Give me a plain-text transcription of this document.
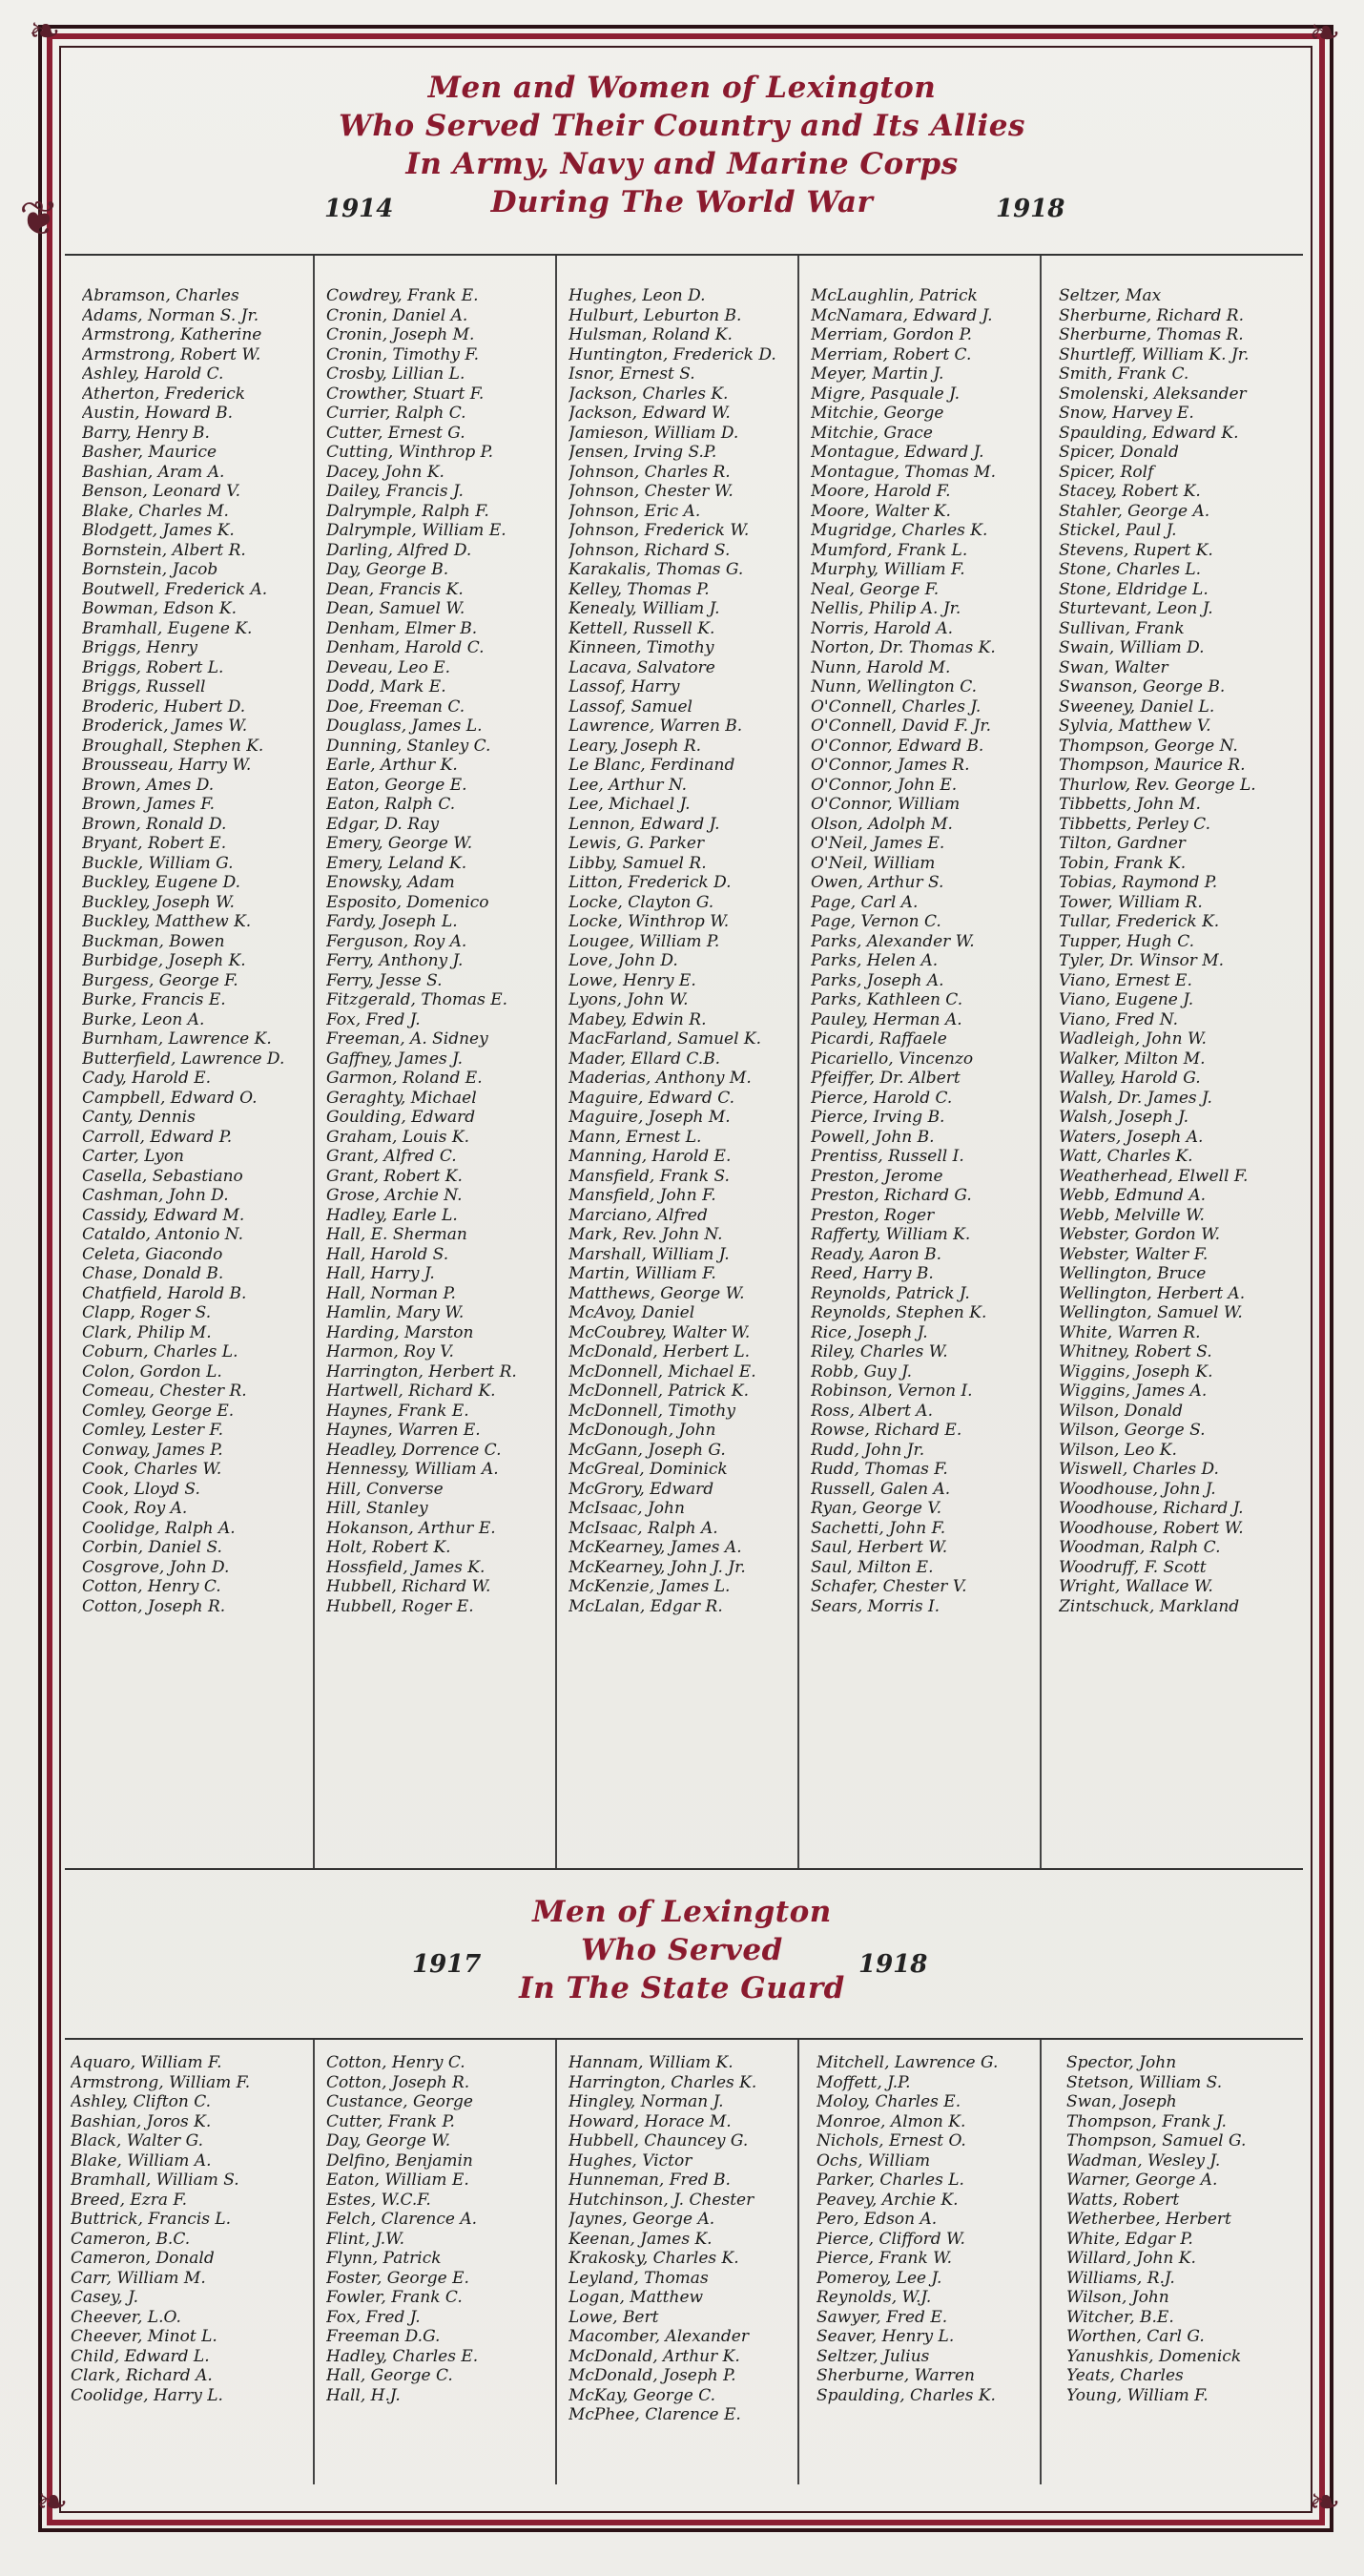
❧
❦
❧
❧	❧
Men and Women of Lexington
Who Served Their Country and Its Allies
In Army, Navy and Marine Corps
During The World War
1914	1918
Abramson, Charles
Adams, Norman S. Jr.
Armstrong, Katherine
Armstrong, Robert W.
Ashley, Harold C.
Atherton, Frederick
Austin, Howard B.
Barry, Henry B.
Basher, Maurice
Bashian, Aram A.
Benson, Leonard V.
Blake, Charles M.
Blodgett, James K.
Bornstein, Albert R.
Bornstein, Jacob
Boutwell, Frederick A.
Bowman, Edson K.
Bramhall, Eugene K.
Briggs, Henry
Briggs, Robert L.
Briggs, Russell
Broderic, Hubert D.
Broderick, James W.
Broughall, Stephen K.
Brousseau, Harry W.
Brown, Ames D.
Brown, James F.
Brown, Ronald D.
Bryant, Robert E.
Buckle, William G.
Buckley, Eugene D.
Buckley, Joseph W.
Buckley, Matthew K.
Buckman, Bowen
Burbidge, Joseph K.
Burgess, George F.
Burke, Francis E.
Burke, Leon A.
Burnham, Lawrence K.
Butterfield, Lawrence D.
Cady, Harold E.
Campbell, Edward O.
Canty, Dennis
Carroll, Edward P.
Carter, Lyon
Casella, Sebastiano
Cashman, John D.
Cassidy, Edward M.
Cataldo, Antonio N.
Celeta, Giacondo
Chase, Donald B.
Chatfield, Harold B.
Clapp, Roger S.
Clark, Philip M.
Coburn, Charles L.
Colon, Gordon L.
Comeau, Chester R.
Comley, George E.
Comley, Lester F.
Conway, James P.
Cook, Charles W.
Cook, Lloyd S.
Cook, Roy A.
Coolidge, Ralph A.
Corbin, Daniel S.
Cosgrove, John D.
Cotton, Henry C.
Cotton, Joseph R.
Cowdrey, Frank E.
Cronin, Daniel A.
Cronin, Joseph M.
Cronin, Timothy F.
Crosby, Lillian L.
Crowther, Stuart F.
Currier, Ralph C.
Cutter, Ernest G.
Cutting, Winthrop P.
Dacey, John K.
Dailey, Francis J.
Dalrymple, Ralph F.
Dalrymple, William E.
Darling, Alfred D.
Day, George B.
Dean, Francis K.
Dean, Samuel W.
Denham, Elmer B.
Denham, Harold C.
Deveau, Leo E.
Dodd, Mark E.
Doe, Freeman C.
Douglass, James L.
Dunning, Stanley C.
Earle, Arthur K.
Eaton, George E.
Eaton, Ralph C.
Edgar, D. Ray
Emery, George W.
Emery, Leland K.
Enowsky, Adam
Esposito, Domenico
Fardy, Joseph L.
Ferguson, Roy A.
Ferry, Anthony J.
Ferry, Jesse S.
Fitzgerald, Thomas E.
Fox, Fred J.
Freeman, A. Sidney
Gaffney, James J.
Garmon, Roland E.
Geraghty, Michael
Goulding, Edward
Graham, Louis K.
Grant, Alfred C.
Grant, Robert K.
Grose, Archie N.
Hadley, Earle L.
Hall, E. Sherman
Hall, Harold S.
Hall, Harry J.
Hall, Norman P.
Hamlin, Mary W.
Harding, Marston
Harmon, Roy V.
Harrington, Herbert R.
Hartwell, Richard K.
Haynes, Frank E.
Haynes, Warren E.
Headley, Dorrence C.
Hennessy, William A.
Hill, Converse
Hill, Stanley
Hokanson, Arthur E.
Holt, Robert K.
Hossfield, James K.
Hubbell, Richard W.
Hubbell, Roger E.
Hughes, Leon D.
Hulburt, Leburton B.
Hulsman, Roland K.
Huntington, Frederick D.
Isnor, Ernest S.
Jackson, Charles K.
Jackson, Edward W.
Jamieson, William D.
Jensen, Irving S.P.
Johnson, Charles R.
Johnson, Chester W.
Johnson, Eric A.
Johnson, Frederick W.
Johnson, Richard S.
Karakalis, Thomas G.
Kelley, Thomas P.
Kenealy, William J.
Kettell, Russell K.
Kinneen, Timothy
Lacava, Salvatore
Lassof, Harry
Lassof, Samuel
Lawrence, Warren B.
Leary, Joseph R.
Le Blanc, Ferdinand
Lee, Arthur N.
Lee, Michael J.
Lennon, Edward J.
Lewis, G. Parker
Libby, Samuel R.
Litton, Frederick D.
Locke, Clayton G.
Locke, Winthrop W.
Lougee, William P.
Love, John D.
Lowe, Henry E.
Lyons, John W.
Mabey, Edwin R.
MacFarland, Samuel K.
Mader, Ellard C.B.
Maderias, Anthony M.
Maguire, Edward C.
Maguire, Joseph M.
Mann, Ernest L.
Manning, Harold E.
Mansfield, Frank S.
Mansfield, John F.
Marciano, Alfred
Mark, Rev. John N.
Marshall, William J.
Martin, William F.
Matthews, George W.
McAvoy, Daniel
McCoubrey, Walter W.
McDonald, Herbert L.
McDonnell, Michael E.
McDonnell, Patrick K.
McDonnell, Timothy
McDonough, John
McGann, Joseph G.
McGreal, Dominick
McGrory, Edward
McIsaac, John
McIsaac, Ralph A.
McKearney, James A.
McKearney, John J. Jr.
McKenzie, James L.
McLalan, Edgar R.
McLaughlin, Patrick
McNamara, Edward J.
Merriam, Gordon P.
Merriam, Robert C.
Meyer, Martin J.
Migre, Pasquale J.
Mitchie, George
Mitchie, Grace
Montague, Edward J.
Montague, Thomas M.
Moore, Harold F.
Moore, Walter K.
Mugridge, Charles K.
Mumford, Frank L.
Murphy, William F.
Neal, George F.
Nellis, Philip A. Jr.
Norris, Harold A.
Norton, Dr. Thomas K.
Nunn, Harold M.
Nunn, Wellington C.
O'Connell, Charles J.
O'Connell, David F. Jr.
O'Connor, Edward B.
O'Connor, James R.
O'Connor, John E.
O'Connor, William
Olson, Adolph M.
O'Neil, James E.
O'Neil, William
Owen, Arthur S.
Page, Carl A.
Page, Vernon C.
Parks, Alexander W.
Parks, Helen A.
Parks, Joseph A.
Parks, Kathleen C.
Pauley, Herman A.
Picardi, Raffaele
Picariello, Vincenzo
Pfeiffer, Dr. Albert
Pierce, Harold C.
Pierce, Irving B.
Powell, John B.
Prentiss, Russell I.
Preston, Jerome
Preston, Richard G.
Preston, Roger
Rafferty, William K.
Ready, Aaron B.
Reed, Harry B.
Reynolds, Patrick J.
Reynolds, Stephen K.
Rice, Joseph J.
Riley, Charles W.
Robb, Guy J.
Robinson, Vernon I.
Ross, Albert A.
Rowse, Richard E.
Rudd, John Jr.
Rudd, Thomas F.
Russell, Galen A.
Ryan, George V.
Sachetti, John F.
Saul, Herbert W.
Saul, Milton E.
Schafer, Chester V.
Sears, Morris I.
Seltzer, Max
Sherburne, Richard R.
Sherburne, Thomas R.
Shurtleff, William K. Jr.
Smith, Frank C.
Smolenski, Aleksander
Snow, Harvey E.
Spaulding, Edward K.
Spicer, Donald
Spicer, Rolf
Stacey, Robert K.
Stahler, George A.
Stickel, Paul J.
Stevens, Rupert K.
Stone, Charles L.
Stone, Eldridge L.
Sturtevant, Leon J.
Sullivan, Frank
Swain, William D.
Swan, Walter
Swanson, George B.
Sweeney, Daniel L.
Sylvia, Matthew V.
Thompson, George N.
Thompson, Maurice R.
Thurlow, Rev. George L.
Tibbetts, John M.
Tibbetts, Perley C.
Tilton, Gardner
Tobin, Frank K.
Tobias, Raymond P.
Tower, William R.
Tullar, Frederick K.
Tupper, Hugh C.
Tyler, Dr. Winsor M.
Viano, Ernest E.
Viano, Eugene J.
Viano, Fred N.
Wadleigh, John W.
Walker, Milton M.
Walley, Harold G.
Walsh, Dr. James J.
Walsh, Joseph J.
Waters, Joseph A.
Watt, Charles K.
Weatherhead, Elwell F.
Webb, Edmund A.
Webb, Melville W.
Webster, Gordon W.
Webster, Walter F.
Wellington, Bruce
Wellington, Herbert A.
Wellington, Samuel W.
White, Warren R.
Whitney, Robert S.
Wiggins, Joseph K.
Wiggins, James A.
Wilson, Donald
Wilson, George S.
Wilson, Leo K.
Wiswell, Charles D.
Woodhouse, John J.
Woodhouse, Richard J.
Woodhouse, Robert W.
Woodman, Ralph C.
Woodruff, F. Scott
Wright, Wallace W.
Zintschuck, Markland
Men of Lexington
Who Served
In The State Guard
1917	1918
Aquaro, William F.
Armstrong, William F.
Ashley, Clifton C.
Bashian, Joros K.
Black, Walter G.
Blake, William A.
Bramhall, William S.
Breed, Ezra F.
Buttrick, Francis L.
Cameron, B.C.
Cameron, Donald
Carr, William M.
Casey, J.
Cheever, L.O.
Cheever, Minot L.
Child, Edward L.
Clark, Richard A.
Coolidge, Harry L.
Cotton, Henry C.
Cotton, Joseph R.
Custance, George
Cutter, Frank P.
Day, George W.
Delfino, Benjamin
Eaton, William E.
Estes, W.C.F.
Felch, Clarence A.
Flint, J.W.
Flynn, Patrick
Foster, George E.
Fowler, Frank C.
Fox, Fred J.
Freeman D.G.
Hadley, Charles E.
Hall, George C.
Hall, H.J.
Hannam, William K.
Harrington, Charles K.
Hingley, Norman J.
Howard, Horace M.
Hubbell, Chauncey G.
Hughes, Victor
Hunneman, Fred B.
Hutchinson, J. Chester
Jaynes, George A.
Keenan, James K.
Krakosky, Charles K.
Leyland, Thomas
Logan, Matthew
Lowe, Bert
Macomber, Alexander
McDonald, Arthur K.
McDonald, Joseph P.
McKay, George C.
McPhee, Clarence E.
Mitchell, Lawrence G.
Moffett, J.P.
Moloy, Charles E.
Monroe, Almon K.
Nichols, Ernest O.
Ochs, William
Parker, Charles L.
Peavey, Archie K.
Pero, Edson A.
Pierce, Clifford W.
Pierce, Frank W.
Pomeroy, Lee J.
Reynolds, W.J.
Sawyer, Fred E.
Seaver, Henry L.
Seltzer, Julius
Sherburne, Warren
Spaulding, Charles K.
Spector, John
Stetson, William S.
Swan, Joseph
Thompson, Frank J.
Thompson, Samuel G.
Wadman, Wesley J.
Warner, George A.
Watts, Robert
Wetherbee, Herbert
White, Edgar P.
Willard, John K.
Williams, R.J.
Wilson, John
Witcher, B.E.
Worthen, Carl G.
Yanushkis, Domenick
Yeats, Charles
Young, William F.
